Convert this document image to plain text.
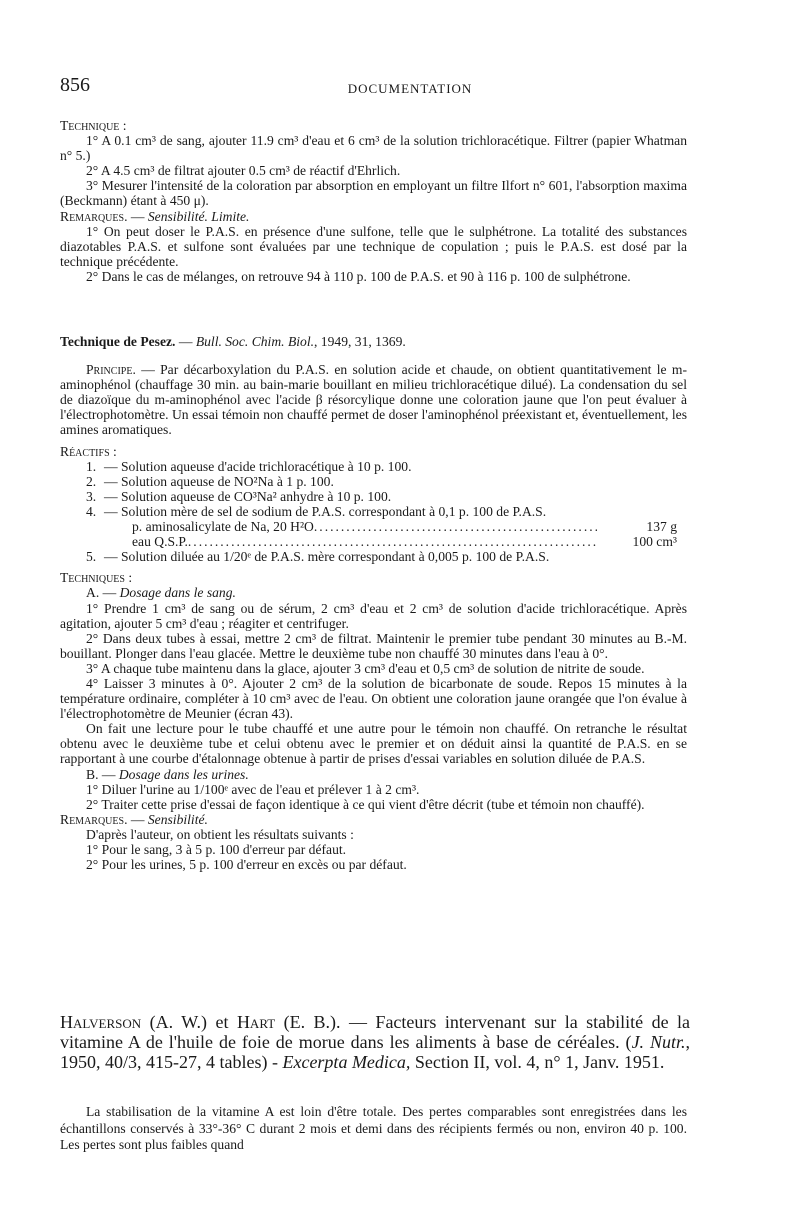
856	DOCUMENTATION

Technique :

1° A 0.1 cm³ de sang, ajouter 11.9 cm³ d'eau et 6 cm³ de la solution trichloracétique. Filtrer (papier Whatman n° 5.)

2° A 4.5 cm³ de filtrat ajouter 0.5 cm³ de réactif d'Ehrlich.

3° Mesurer l'intensité de la coloration par absorption en employant un filtre Ilfort n° 601, l'absorption maxima (Beckmann) étant à 450 μ).

Remarques. — Sensibilité. Limite.

1° On peut doser le P.A.S. en présence d'une sulfone, telle que le sulphétrone. La totalité des substances diazotables P.A.S. et sulfone sont évaluées par une technique de copulation ; puis le P.A.S. est dosé par la technique précédente.

2° Dans le cas de mélanges, on retrouve 94 à 110 p. 100 de P.A.S. et 90 à 116 p. 100 de sulphétrone.

Technique de Pesez. — Bull. Soc. Chim. Biol., 1949, 31, 1369.

Principe. — Par décarboxylation du P.A.S. en solution acide et chaude, on obtient quantitativement le m-aminophénol (chauffage 30 min. au bain-marie bouillant en milieu trichloracétique dilué). La condensation du sel de diazoïque du m-aminophénol avec l'acide β résorcylique donne une coloration jaune que l'on peut évaluer à l'électrophotomètre. Un essai témoin non chauffé permet de doser l'aminophénol préexistant et, éventuellement, les amines aromatiques.

Réactifs :

1. — Solution aqueuse d'acide trichloracétique à 10 p. 100.
2. — Solution aqueuse de NO²Na à 1 p. 100.
3. — Solution aqueuse de CO³Na² anhydre à 10 p. 100.
4. — Solution mère de sel de sodium de P.A.S. correspondant à 0,1 p. 100 de P.A.S.
p. aminosalicylate de Na, 20 H²O .....	137 g
eau Q.S.P. .....	100 cm³
5. — Solution diluée au 1/20ᵉ de P.A.S. mère correspondant à 0,005 p. 100 de P.A.S.

Techniques :

A. — Dosage dans le sang.

1° Prendre 1 cm³ de sang ou de sérum, 2 cm³ d'eau et 2 cm³ de solution d'acide trichloracétique. Après agitation, ajouter 5 cm³ d'eau ; réagiter et centrifuger.

2° Dans deux tubes à essai, mettre 2 cm³ de filtrat. Maintenir le premier tube pendant 30 minutes au B.-M. bouillant. Plonger dans l'eau glacée. Mettre le deuxième tube non chauffé 30 minutes dans l'eau à 0°.

3° A chaque tube maintenu dans la glace, ajouter 3 cm³ d'eau et 0,5 cm³ de solution de nitrite de soude.

4° Laisser 3 minutes à 0°. Ajouter 2 cm³ de la solution de bicarbonate de soude. Repos 15 minutes à la température ordinaire, compléter à 10 cm³ avec de l'eau. On obtient une coloration jaune orangée que l'on évalue à l'électrophotomètre de Meunier (écran 43).

On fait une lecture pour le tube chauffé et une autre pour le témoin non chauffé. On retranche le résultat obtenu avec le deuxième tube et celui obtenu avec le premier et on déduit ainsi la quantité de P.A.S. en se rapportant à une courbe d'étalonnage obtenue à partir de prises d'essai variables en solution diluée de P.A.S.

B. — Dosage dans les urines.

1° Diluer l'urine au 1/100ᵉ avec de l'eau et prélever 1 à 2 cm³.

2° Traiter cette prise d'essai de façon identique à ce qui vient d'être décrit (tube et témoin non chauffé).

Remarques. — Sensibilité.

D'après l'auteur, on obtient les résultats suivants :

1° Pour le sang, 3 à 5 p. 100 d'erreur par défaut.

2° Pour les urines, 5 p. 100 d'erreur en excès ou par défaut.

Halverson (A. W.) et Hart (E. B.). — Facteurs intervenant sur la stabilité de la vitamine A de l'huile de foie de morue dans les aliments à base de céréales. (J. Nutr., 1950, 40/3, 415-27, 4 tables) - Excerpta Medica, Section II, vol. 4, n° 1, Janv. 1951.
La stabilisation de la vitamine A est loin d'être totale. Des pertes comparables sont enregistrées dans les échantillons conservés à 33°-36° C durant 2 mois et demi dans des récipients fermés ou non, environ 40 p. 100. Les pertes sont plus faibles quand
